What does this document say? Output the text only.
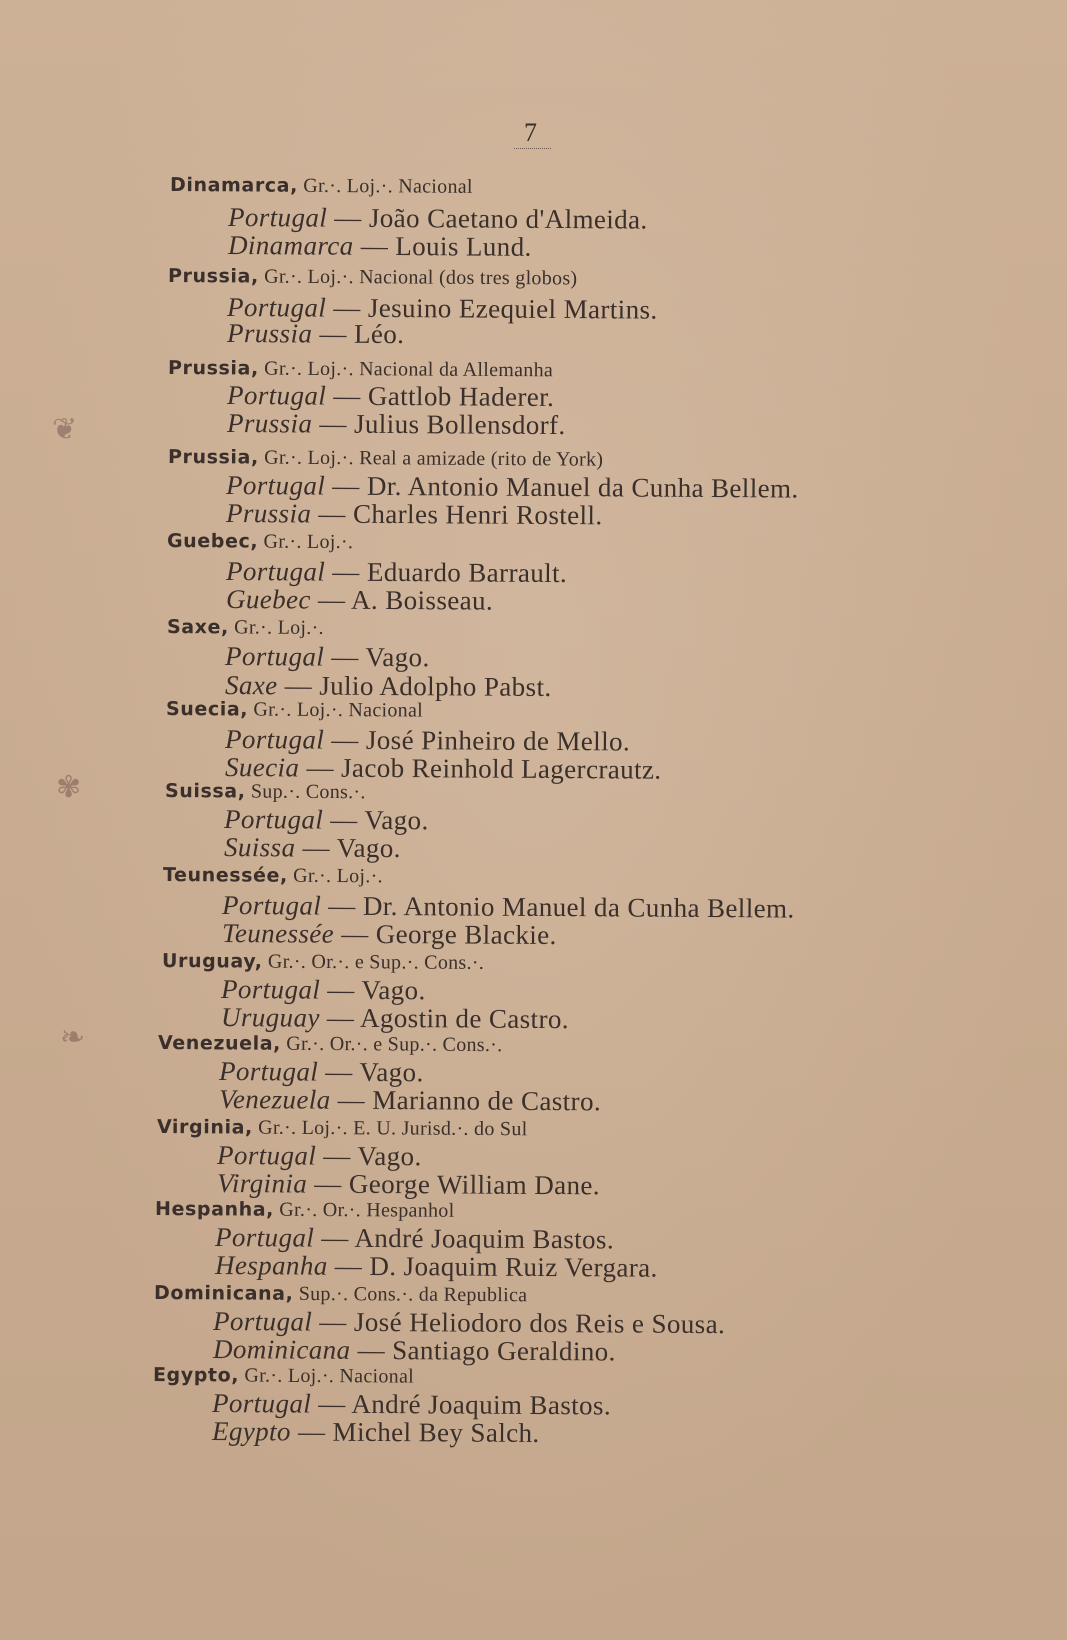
❦
✾
❧
7
Dinamarca, Gr.·. Loj.·. Nacional
Portugal — João Caetano d'Almeida.
Dinamarca — Louis Lund.
Prussia, Gr.·. Loj.·. Nacional (dos tres globos)
Portugal — Jesuino Ezequiel Martins.
Prussia — Léo.
Prussia, Gr.·. Loj.·. Nacional da Allemanha
Portugal — Gattlob Haderer.
Prussia — Julius Bollensdorf.
Prussia, Gr.·. Loj.·. Real a amizade (rito de York)
Portugal — Dr. Antonio Manuel da Cunha Bellem.
Prussia — Charles Henri Rostell.
Guebec, Gr.·. Loj.·.
Portugal — Eduardo Barrault.
Guebec — A. Boisseau.
Saxe, Gr.·. Loj.·.
Portugal — Vago.
Saxe — Julio Adolpho Pabst.
Suecia, Gr.·. Loj.·. Nacional
Portugal — José Pinheiro de Mello.
Suecia — Jacob Reinhold Lagercrautz.
Suissa, Sup.·. Cons.·.
Portugal — Vago.
Suissa — Vago.
Teunessée, Gr.·. Loj.·.
Portugal — Dr. Antonio Manuel da Cunha Bellem.
Teunessée — George Blackie.
Uruguay, Gr.·. Or.·. e Sup.·. Cons.·.
Portugal — Vago.
Uruguay — Agostin de Castro.
Venezuela, Gr.·. Or.·. e Sup.·. Cons.·.
Portugal — Vago.
Venezuela — Marianno de Castro.
Virginia, Gr.·. Loj.·. E. U. Jurisd.·. do Sul
Portugal — Vago.
Virginia — George William Dane.
Hespanha, Gr.·. Or.·. Hespanhol
Portugal — André Joaquim Bastos.
Hespanha — D. Joaquim Ruiz Vergara.
Dominicana, Sup.·. Cons.·. da Republica
Portugal — José Heliodoro dos Reis e Sousa.
Dominicana — Santiago Geraldino.
Egypto, Gr.·. Loj.·. Nacional
Portugal — André Joaquim Bastos.
Egypto — Michel Bey Salch.
